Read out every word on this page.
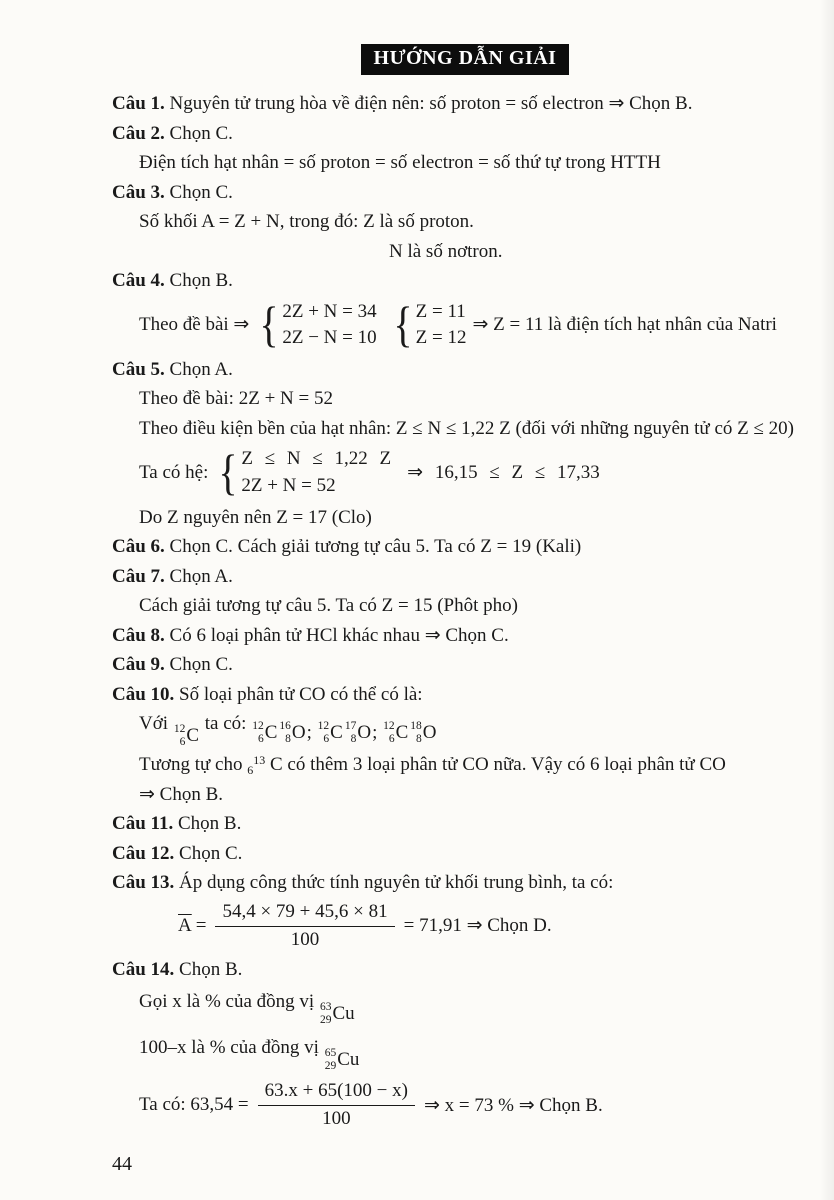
HƯỚNG DẪN GIẢI
Câu 1. Nguyên tử trung hòa về điện nên: số proton = số electron ⇒ Chọn B.
Câu 2. Chọn C.
Điện tích hạt nhân = số proton = số electron = số thứ tự trong HTTH
Câu 3. Chọn C.
Số khối A = Z + N, trong đó: Z là số proton.
N là số nơtron.
Câu 4. Chọn B.
Theo đề bài ⇒ { 2Z + N = 34
2Z − N = 10 { Z = 11
Z = 12
⇒ Z = 11 là điện tích hạt nhân của Natri
Câu 5. Chọn A.
Theo đề bài: 2Z + N = 52
Theo điều kiện bền của hạt nhân: Z ≤ N ≤ 1,22 Z (đối với những nguyên tử có Z ≤ 20)
Ta có hệ: { Z ≤ N ≤ 1,22 Z
2Z + N = 52
⇒ 16,15 ≤ Z ≤ 17,33
Do Z nguyên nên Z = 17 (Clo)
Câu 6. Chọn C. Cách giải tương tự câu 5. Ta có Z = 19 (Kali)
Câu 7. Chọn A.
Cách giải tương tự câu 5. Ta có Z = 15 (Phôt pho)
Câu 8. Có 6 loại phân tử HCl khác nhau ⇒ Chọn C.
Câu 9. Chọn C.
Câu 10. Số loại phân tử CO có thể có là:
Với 12
6 C
ta có: 12
6 C 16
8 O ;
12
6 C 17
8 O ;
12
6 C 18
8 O
Tương tự cho $_6^{13}$ C có thêm 3 loại phân tử CO nữa. Vậy có 6 loại phân tử CO
⇒ Chọn B.
Câu 11. Chọn B.
Câu 12. Chọn C.
Câu 13. Áp dụng công thức tính nguyên tử khối trung bình, ta có:
$\overline{A} = \frac{54,4 \times 79 + 45,6 \times 81}{100} = 71,91$ ⇒ Chọn D.
Câu 14. Chọn B.
Gọi x là % của đồng vị 63
29 Cu
100–x là % của đồng vị 65
29 Cu
Ta có: $63,54 = \frac{63.x + 65(100 - x)}{100}$ ⇒ x = 73 % ⇒ Chọn B.
44
